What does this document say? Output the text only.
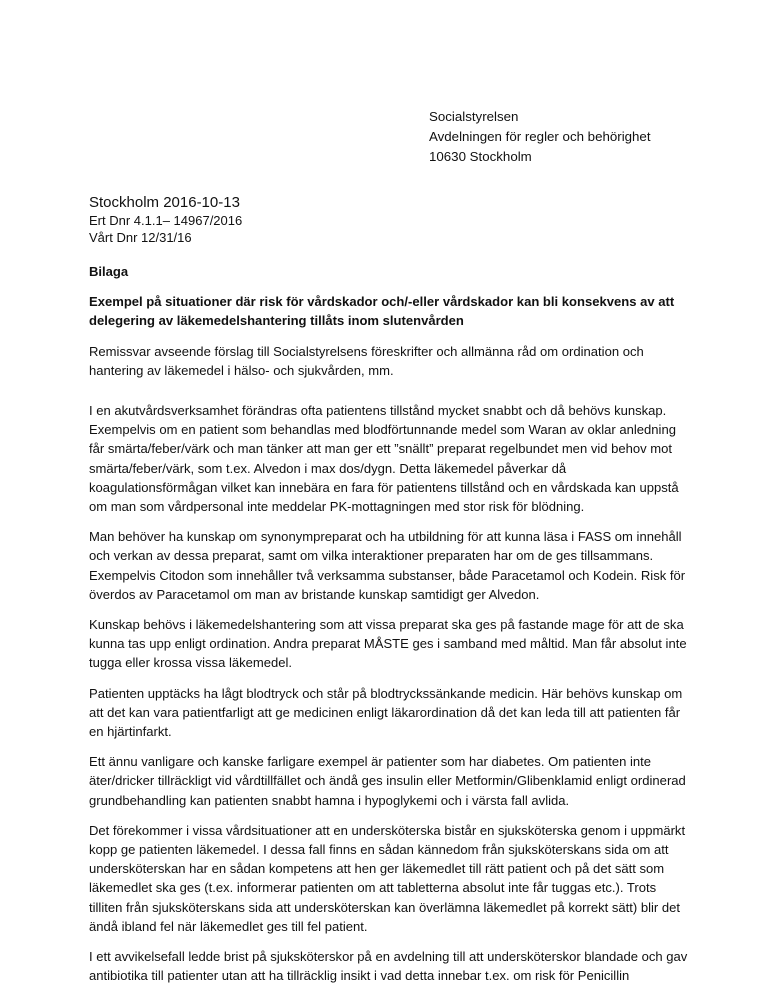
Socialstyrelsen
Avdelningen för regler och behörighet
10630 Stockholm
Stockholm 2016-10-13
Ert Dnr 4.1.1– 14967/2016
Vårt Dnr 12/31/16

Bilaga

Exempel på situationer där risk för vårdskador och/-eller vårdskador kan bli konsekvens av att delegering av läkemedelshantering tillåts inom slutenvården

Remissvar avseende förslag till Socialstyrelsens föreskrifter och allmänna råd om ordination och hantering av läkemedel i hälso- och sjukvården, mm.

I en akutvårdsverksamhet förändras ofta patientens tillstånd mycket snabbt och då behövs kunskap. Exempelvis om en patient som behandlas med blodförtunnande medel som Waran av oklar anledning får smärta/feber/värk och man tänker att man ger ett ”snällt” preparat regelbundet men vid behov mot smärta/feber/värk, som t.ex. Alvedon i max dos/dygn. Detta läkemedel påverkar då koagulationsförmågan vilket kan innebära en fara för patientens tillstånd och en vårdskada kan uppstå om man som vårdpersonal inte meddelar PK-mottagningen med stor risk för blödning.

Man behöver ha kunskap om synonympreparat och ha utbildning för att kunna läsa i FASS om innehåll och verkan av dessa preparat, samt om vilka interaktioner preparaten har om de ges tillsammans. Exempelvis Citodon som innehåller två verksamma substanser, både Paracetamol och Kodein. Risk för överdos av Paracetamol om man av bristande kunskap samtidigt ger Alvedon.

Kunskap behövs i läkemedelshantering som att vissa preparat ska ges på fastande mage för att de ska kunna tas upp enligt ordination. Andra preparat MÅSTE ges i samband med måltid. Man får absolut inte tugga eller krossa vissa läkemedel.

Patienten upptäcks ha lågt blodtryck och står på blodtryckssänkande medicin. Här behövs kunskap om att det kan vara patientfarligt att ge medicinen enligt läkarordination då det kan leda till att patienten får en hjärtinfarkt.

Ett ännu vanligare och kanske farligare exempel är patienter som har diabetes. Om patienten inte äter/dricker tillräckligt vid vårdtillfället och ändå ges insulin eller Metformin/Glibenklamid enligt ordinerad grundbehandling kan patienten snabbt hamna i hypoglykemi och i värsta fall avlida.

Det förekommer i vissa vårdsituationer att en undersköterska bistår en sjuksköterska genom i uppmärkt kopp ge patienten läkemedel. I dessa fall finns en sådan kännedom från sjuksköterskans sida om att undersköterskan har en sådan kompetens att hen ger läkemedlet till rätt patient och på det sätt som läkemedlet ska ges (t.ex. informerar patienten om att tabletterna absolut inte får tuggas etc.). Trots tilliten från sjuksköterskans sida att undersköterskan kan överlämna läkemedlet på korrekt sätt) blir det ändå ibland fel när läkemedlet ges till fel patient.

I ett avvikelsefall ledde brist på sjuksköterskor på en avdelning till att undersköterskor blandade och gav antibiotika till patienter utan att ha tillräcklig insikt i vad detta innebar t.ex. om risk för Penicillin
